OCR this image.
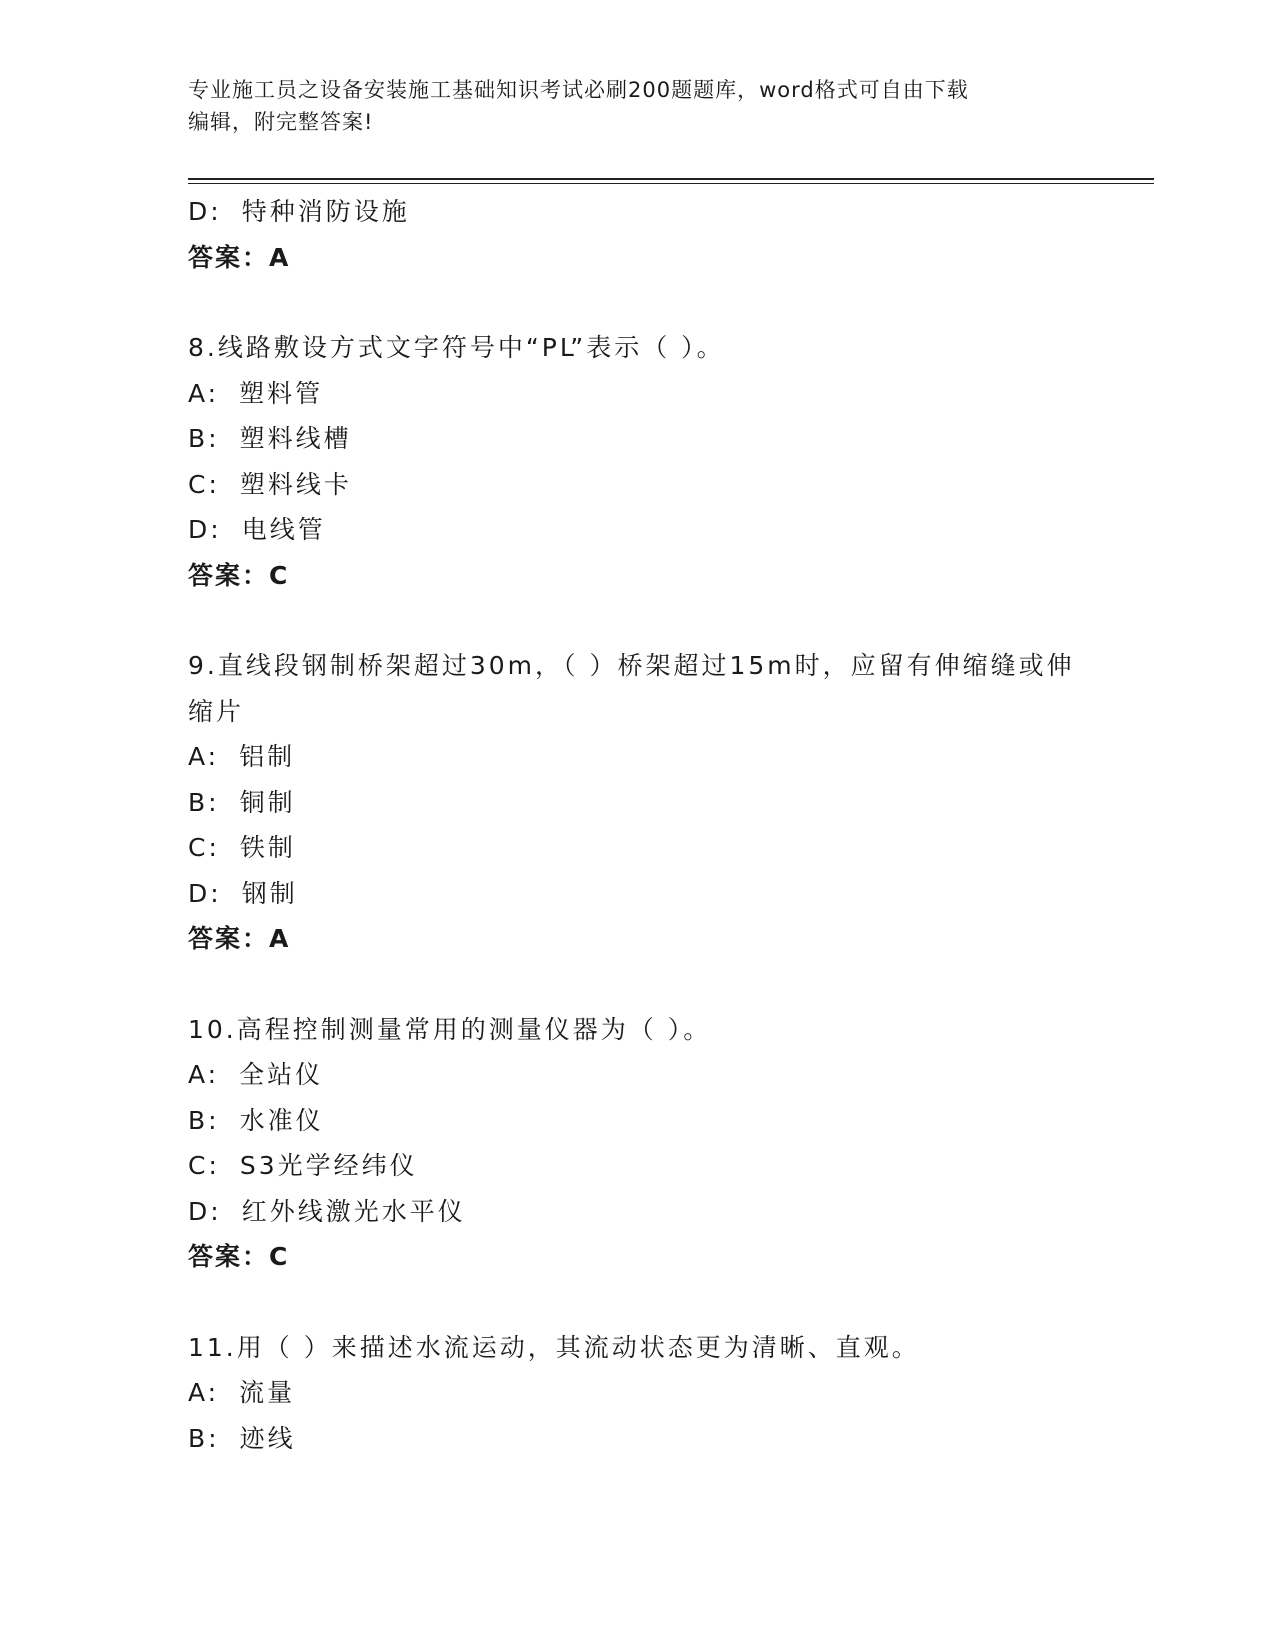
专业施工员之设备安装施工基础知识考试必刷200题题库，word格式可自由下载
编辑，附完整答案!
D: 特种消防设施
答案：A
8.线路敷设方式文字符号中“PL”表示（ ）。
A: 塑料管
B: 塑料线槽
C: 塑料线卡
D: 电线管
答案：C
9.直线段钢制桥架超过30m，（ ）桥架超过15m时，应留有伸缩缝或伸缩片
A: 铝制
B: 铜制
C: 铁制
D: 钢制
答案：A
10.高程控制测量常用的测量仪器为（ ）。
A: 全站仪
B: 水准仪
C: S3光学经纬仪
D: 红外线激光水平仪
答案：C
11.用（ ）来描述水流运动，其流动状态更为清晰、直观。
A: 流量
B: 迹线
